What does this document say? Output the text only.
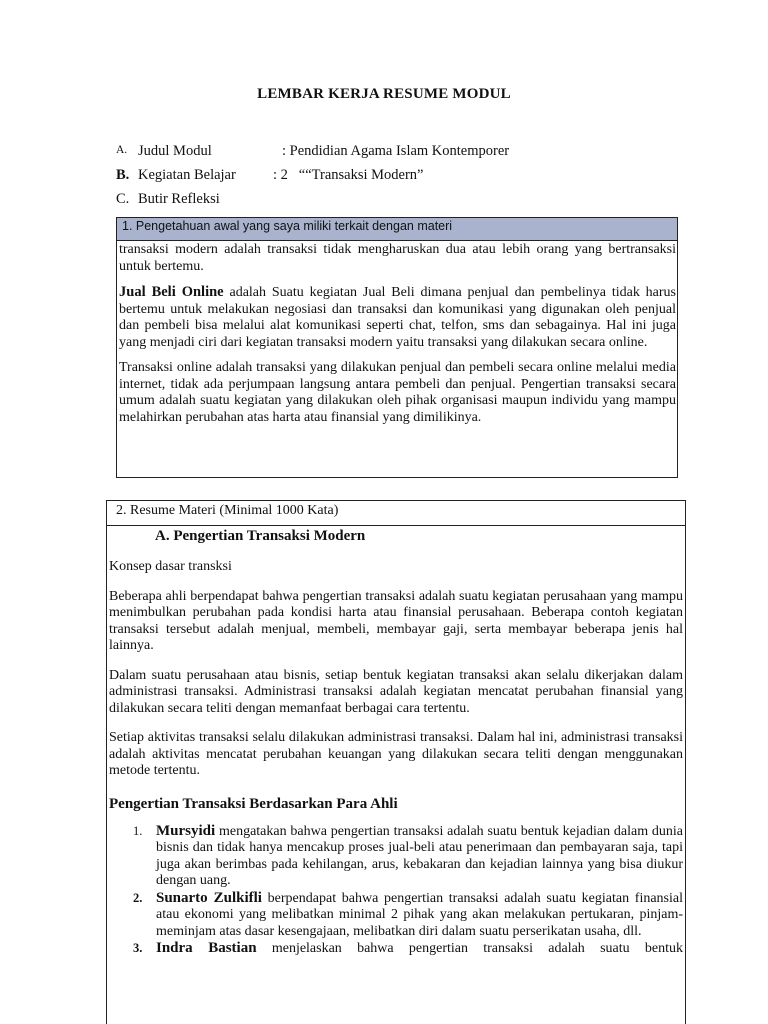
LEMBAR KERJA RESUME MODUL
A. Judul Modul	: Pendidian Agama Islam Kontemporer
B. Kegiatan Belajar	: 2   ““Transaksi Modern”
C. Butir Refleksi
1. Pengetahuan awal yang saya miliki terkait dengan materi

transaksi modern adalah transaksi tidak mengharuskan dua atau lebih orang yang bertransaksi untuk bertemu.

Jual Beli Online adalah Suatu kegiatan Jual Beli dimana penjual dan pembelinya tidak harus bertemu untuk melakukan negosiasi dan transaksi dan komunikasi yang digunakan oleh penjual dan pembeli bisa melalui alat komunikasi seperti chat, telfon, sms dan sebagainya. Hal ini juga yang menjadi ciri dari kegiatan transaksi modern yaitu transaksi yang dilakukan secara online.

Transaksi online adalah transaksi yang dilakukan penjual dan pembeli secara online melalui media internet, tidak ada perjumpaan langsung antara pembeli dan penjual. Pengertian transaksi secara umum adalah suatu kegiatan yang dilakukan oleh pihak organisasi maupun individu yang mampu melahirkan perubahan atas harta atau finansial yang dimilikinya.

2. Resume Materi (Minimal 1000 Kata)

A. Pengertian Transaksi Modern

Konsep dasar transksi

Beberapa ahli berpendapat bahwa pengertian transaksi adalah suatu kegiatan perusahaan yang mampu menimbulkan perubahan pada kondisi harta atau finansial perusahaan. Beberapa contoh kegiatan transaksi tersebut adalah menjual, membeli, membayar gaji, serta membayar beberapa jenis hal lainnya.

Dalam suatu perusahaan atau bisnis, setiap bentuk kegiatan transaksi akan selalu dikerjakan dalam administrasi transaksi. Administrasi transaksi adalah kegiatan mencatat perubahan finansial yang dilakukan secara teliti dengan memanfaat berbagai cara tertentu.

Setiap aktivitas transaksi selalu dilakukan administrasi transaksi. Dalam hal ini, administrasi transaksi adalah aktivitas mencatat perubahan keuangan yang dilakukan secara teliti dengan menggunakan metode tertentu.

Pengertian Transaksi Berdasarkan Para Ahli

1. Mursyidi mengatakan bahwa pengertian transaksi adalah suatu bentuk kejadian dalam dunia bisnis dan tidak hanya mencakup proses jual-beli atau penerimaan dan pembayaran saja, tapi juga akan berimbas pada kehilangan, arus, kebakaran dan kejadian lainnya yang bisa diukur dengan uang.
2. Sunarto Zulkifli berpendapat bahwa pengertian transaksi adalah suatu kegiatan finansial atau ekonomi yang melibatkan minimal 2 pihak yang akan melakukan pertukaran, pinjam-meminjam atas dasar kesengajaan, melibatkan diri dalam suatu perserikatan usaha, dll.
3. Indra Bastian menjelaskan bahwa pengertian transaksi adalah suatu bentuk
